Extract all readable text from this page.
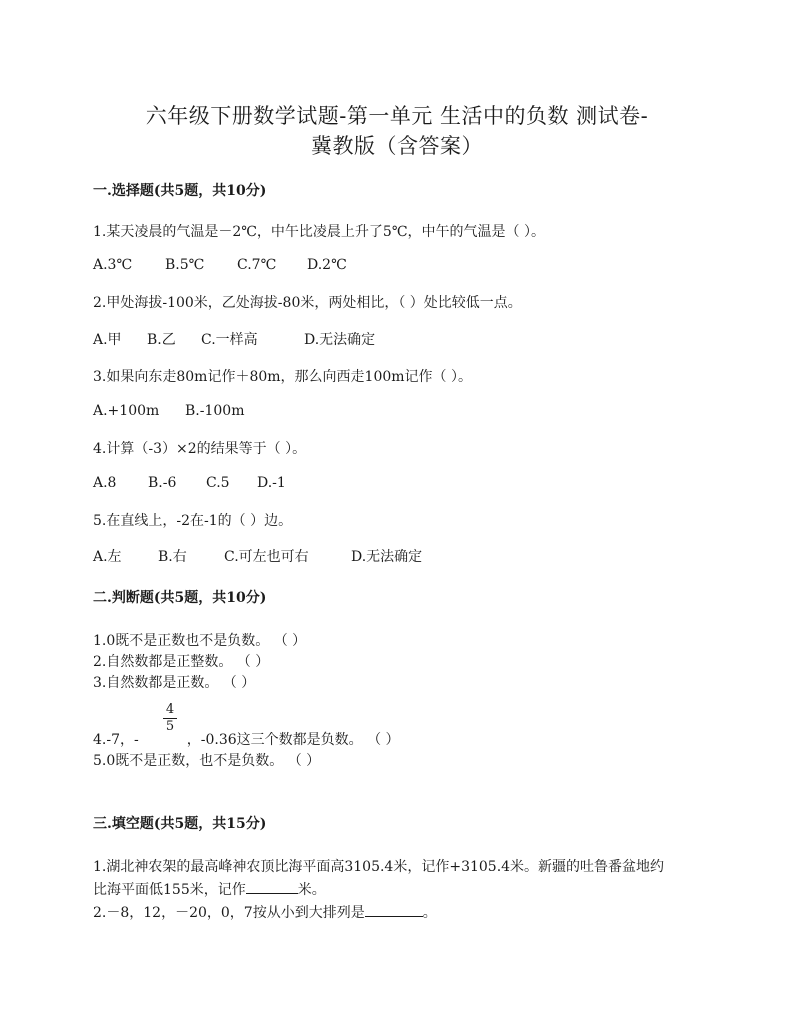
六年级下册数学试题-第一单元 生活中的负数 测试卷-
冀教版（含答案）
一.选择题(共5题，共10分)
1.某天凌晨的气温是－2℃，中午比凌晨上升了5℃，中午的气温是（ ）。
A.3℃ B.5℃ C.7℃ D.2℃
2.甲处海拔-100米，乙处海拔-80米，两处相比，（ ）处比较低一点。
A.甲 B.乙 C.一样高	D.无法确定
3.如果向东走80m记作＋80m，那么向西走100m记作（ ）。
A.+100m B.-100m
4.计算（-3）×2的结果等于（ ）。
A.8 B.-6 C.5 D.-1
5.在直线上，-2在-1的（ ）边。
A.左	B.右	C.可左也可右	D.无法确定
二.判断题(共5题，共10分)
1.0既不是正数也不是负数。 （ ）
2.自然数都是正整数。 （ ）
3.自然数都是正数。 （ ）
4
5
4.-7，-	，-0.36这三个数都是负数。 （ ）
5.0既不是正数，也不是负数。 （ ）
三.填空题(共5题，共15分)
1.湖北神农架的最高峰神农顶比海平面高3105.4米，记作+3105.4米。新疆的吐鲁番盆地约
比海平面低155米，记作	米。
2.－8，12，－20，0，7按从小到大排列是	。
